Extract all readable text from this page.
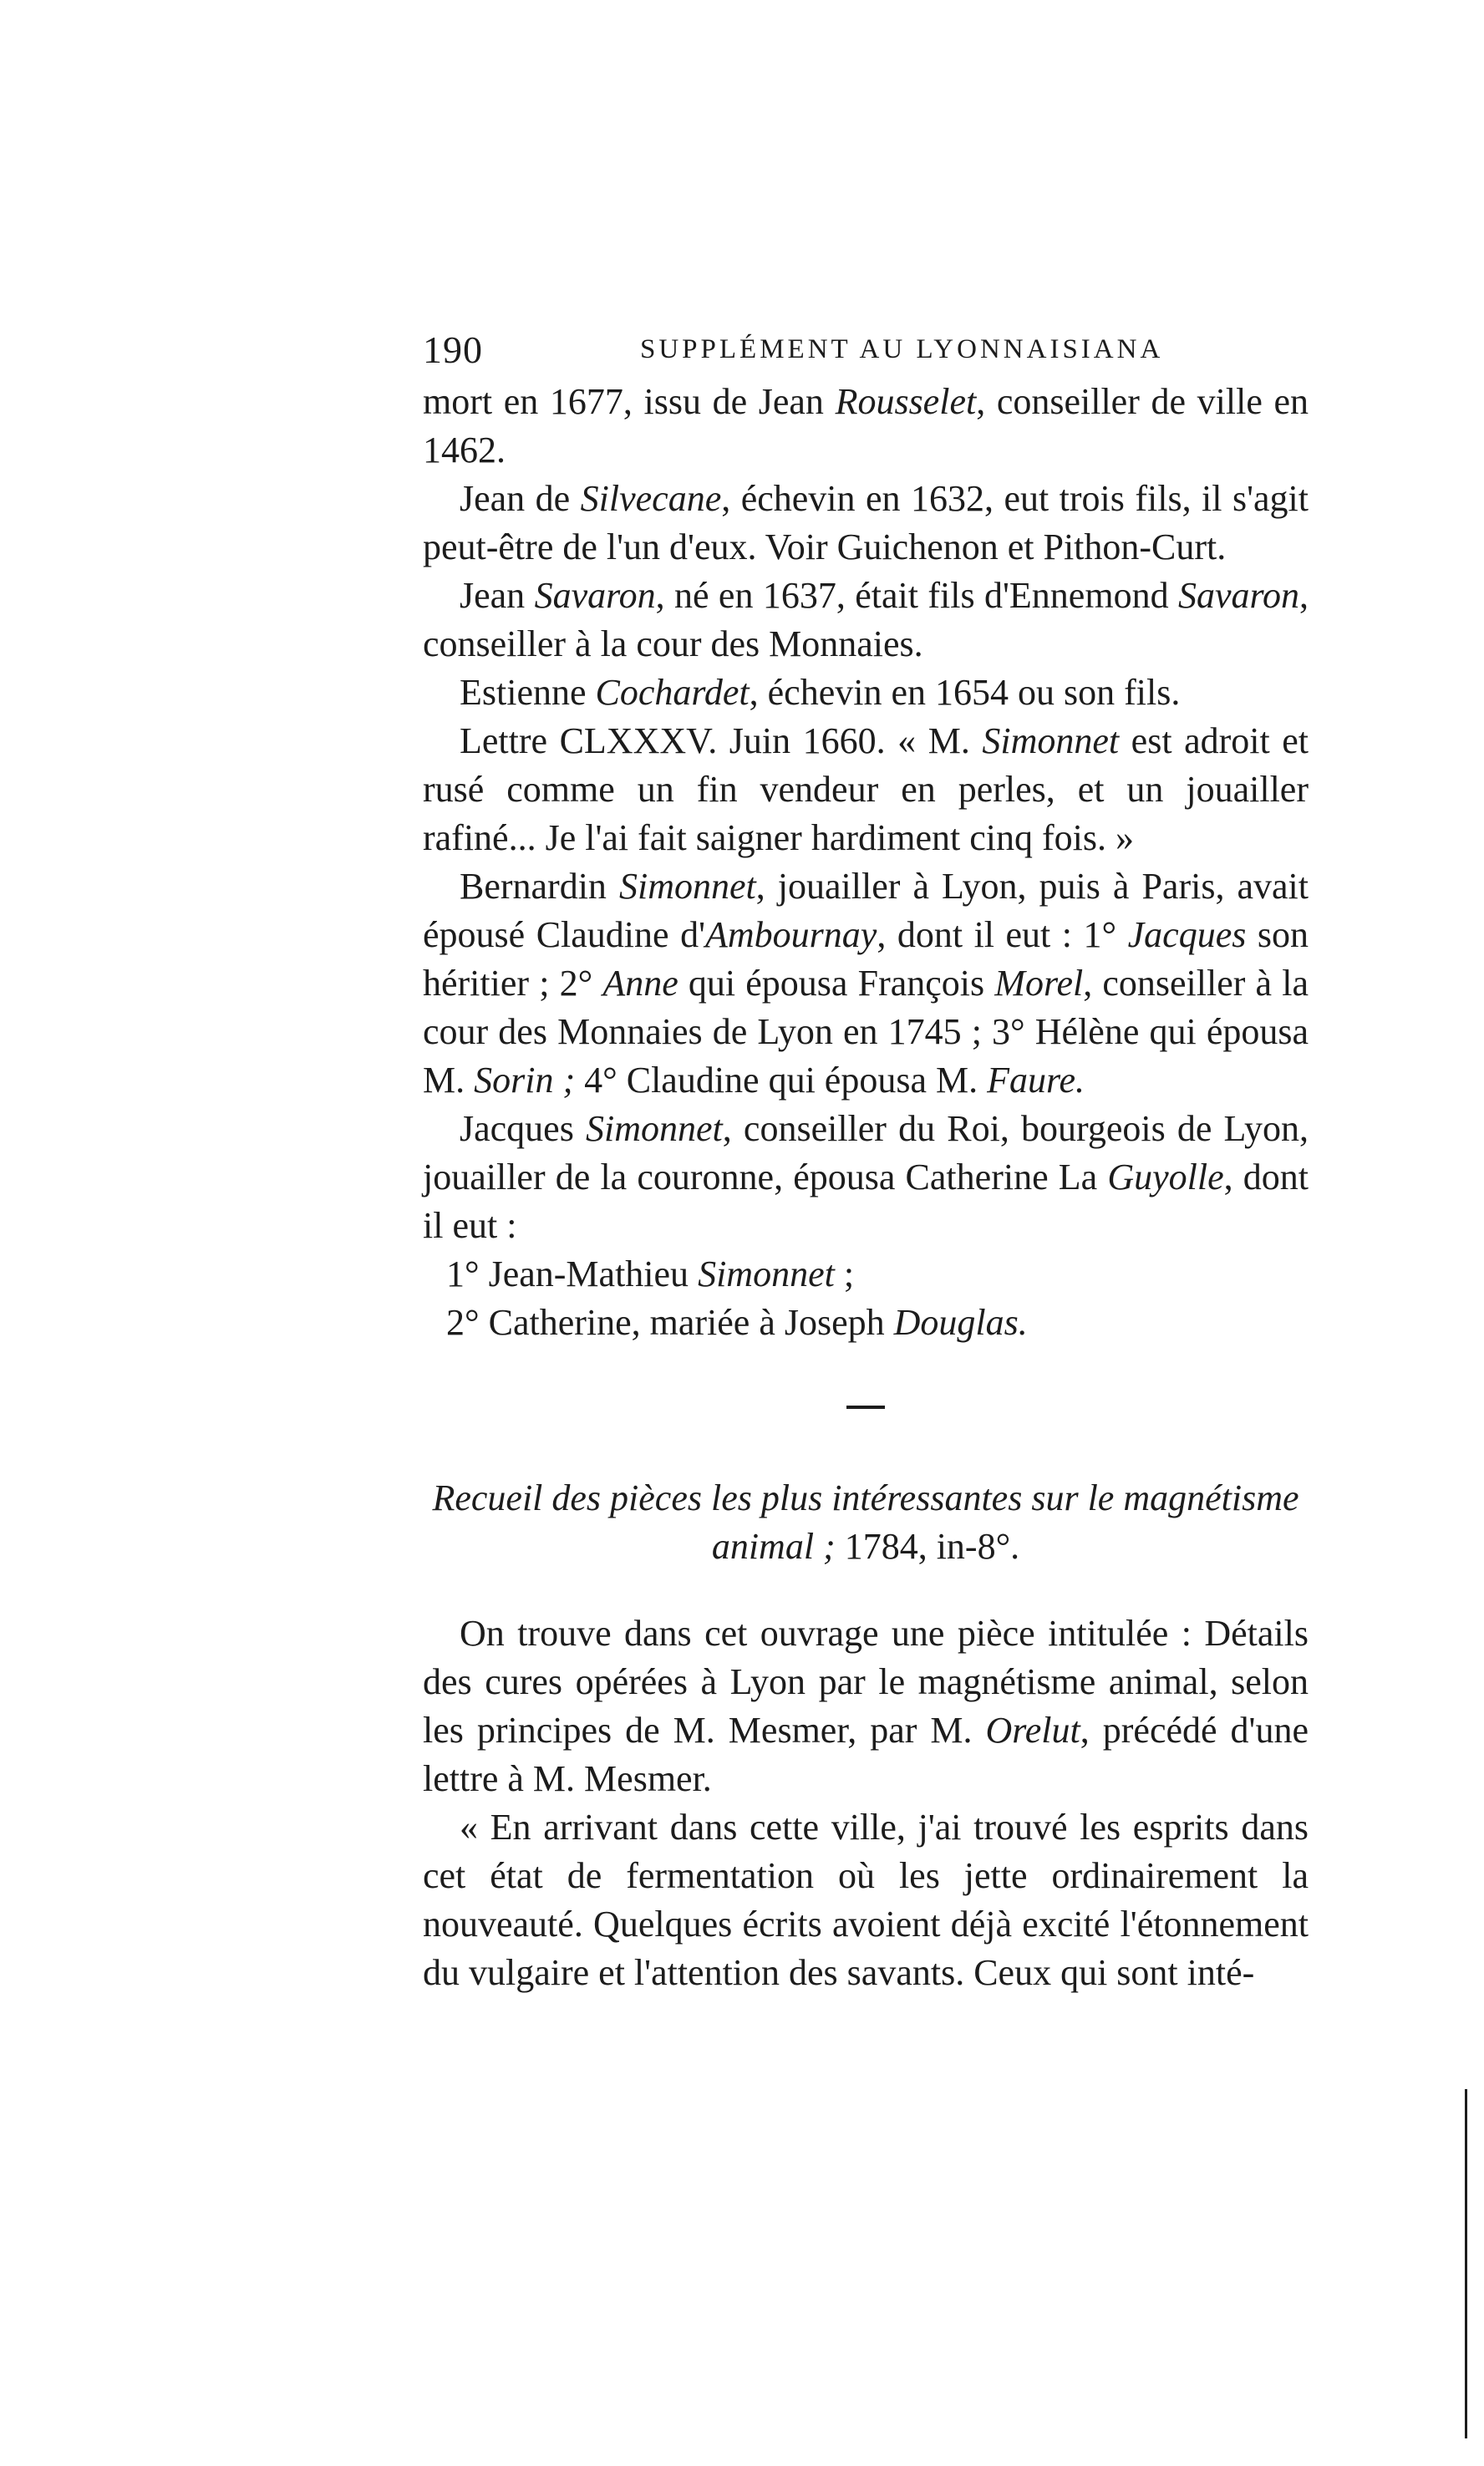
190	SUPPLÉMENT AU LYONNAISIANA

mort en 1677, issu de Jean Rousselet, conseiller de ville en 1462.

Jean de Silvecane, échevin en 1632, eut trois fils, il s'agit peut-être de l'un d'eux. Voir Guichenon et Pithon-Curt.

Jean Savaron, né en 1637, était fils d'Ennemond Savaron, conseiller à la cour des Monnaies.

Estienne Cochardet, échevin en 1654 ou son fils.

Lettre CLXXXV. Juin 1660. « M. Simonnet est adroit et rusé comme un fin vendeur en perles, et un jouailler rafiné... Je l'ai fait saigner hardiment cinq fois. »

Bernardin Simonnet, jouailler à Lyon, puis à Paris, avait épousé Claudine d'Ambournay, dont il eut : 1° Jacques son héritier ; 2° Anne qui épousa François Morel, conseiller à la cour des Monnaies de Lyon en 1745 ; 3° Hélène qui épousa M. Sorin ; 4° Claudine qui épousa M. Faure.

Jacques Simonnet, conseiller du Roi, bourgeois de Lyon, jouailler de la couronne, épousa Catherine La Guyolle, dont il eut :

1° Jean-Mathieu Simonnet ;

2° Catherine, mariée à Joseph Douglas.

Recueil des pièces les plus intéressantes sur le magnétisme
animal ; 1784, in-8°.

On trouve dans cet ouvrage une pièce intitulée : Détails des cures opérées à Lyon par le magnétisme animal, selon les principes de M. Mesmer, par M. Orelut, précédé d'une lettre à M. Mesmer.

« En arrivant dans cette ville, j'ai trouvé les esprits dans cet état de fermentation où les jette ordinairement la nouveauté. Quelques écrits avoient déjà excité l'étonnement du vulgaire et l'attention des savants. Ceux qui sont inté-
